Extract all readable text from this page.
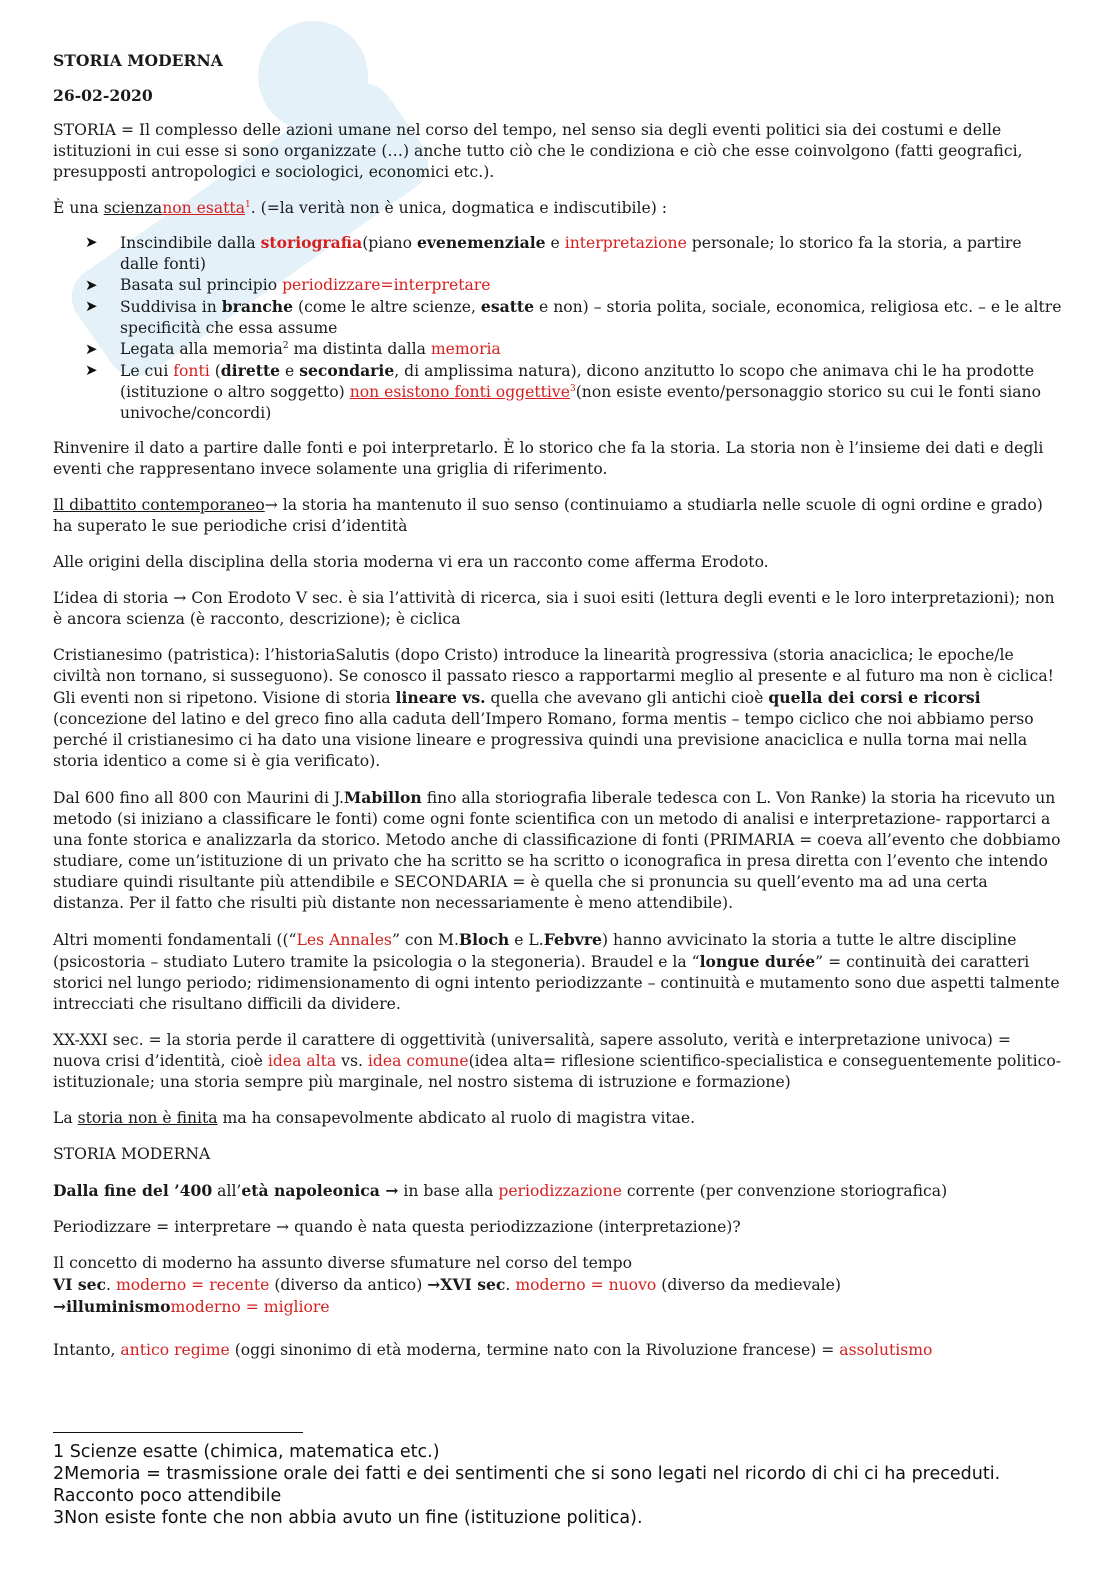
STORIA MODERNA

26-02-2020

STORIA = Il complesso delle azioni umane nel corso del tempo, nel senso sia degli eventi politici sia dei costumi e delle istituzioni in cui esse si sono organizzate (…) anche tutto ciò che le condiziona e ciò che esse coinvolgono (fatti geografici, presupposti antropologici e sociologici, economici etc.).

È una scienzanon esatta$^1$. (=la verità non è unica, dogmatica e indiscutibile) :

➤ Inscindibile dalla storiografia(piano evenemenziale e interpretazione personale; lo storico fa la storia, a partire dalle fonti)
➤ Basata sul principio periodizzare=interpretare
➤ Suddivisa in branche (come le altre scienze, esatte e non) – storia polita, sociale, economica, religiosa etc. – e le altre specificità che essa assume
➤ Legata alla memoria$^2$ ma distinta dalla memoria
➤ Le cui fonti (dirette e secondarie, di amplissima natura), dicono anzitutto lo scopo che animava chi le ha prodotte (istituzione o altro soggetto) non esistono fonti oggettive$^3$(non esiste evento/personaggio storico su cui le fonti siano univoche/concordi)

Rinvenire il dato a partire dalle fonti e poi interpretarlo. È lo storico che fa la storia. La storia non è l’insieme dei dati e degli eventi che rappresentano invece solamente una griglia di riferimento.

Il dibattito contemporaneo→ la storia ha mantenuto il suo senso (continuiamo a studiarla nelle scuole di ogni ordine e grado) ha superato le sue periodiche crisi d’identità

Alle origini della disciplina della storia moderna vi era un racconto come afferma Erodoto.

L’idea di storia → Con Erodoto V sec. è sia l’attività di ricerca, sia i suoi esiti (lettura degli eventi e le loro interpretazioni); non è ancora scienza (è racconto, descrizione); è ciclica

Cristianesimo (patristica): l’historiaSalutis (dopo Cristo) introduce la linearità progressiva (storia anaciclica; le epoche/le civiltà non tornano, si susseguono). Se conosco il passato riesco a rapportarmi meglio al presente e al futuro ma non è ciclica! Gli eventi non si ripetono. Visione di storia lineare vs. quella che avevano gli antichi cioè quella dei corsi e ricorsi (concezione del latino e del greco fino alla caduta dell’Impero Romano, forma mentis – tempo ciclico che noi abbiamo perso perché il cristianesimo ci ha dato una visione lineare e progressiva quindi una previsione anaciclica e nulla torna mai nella storia identico a come si è gia verificato).

Dal 600 fino all 800 con Maurini di J.Mabillon fino alla storiografia liberale tedesca con L. Von Ranke) la storia ha ricevuto un metodo (si iniziano a classificare le fonti) come ogni fonte scientifica con un metodo di analisi e interpretazione- rapportarci a una fonte storica e analizzarla da storico. Metodo anche di classificazione di fonti (PRIMARIA = coeva all’evento che dobbiamo studiare, come un’istituzione di un privato che ha scritto se ha scritto o iconografica in presa diretta con l’evento che intendo studiare quindi risultante più attendibile e SECONDARIA = è quella che si pronuncia su quell’evento ma ad una certa distanza. Per il fatto che risulti più distante non necessariamente è meno attendibile).

Altri momenti fondamentali ((“Les Annales” con M.Bloch e L.Febvre) hanno avvicinato la storia a tutte le altre discipline (psicostoria – studiato Lutero tramite la psicologia o la stegoneria). Braudel e la “longue durée” = continuità dei caratteri storici nel lungo periodo; ridimensionamento di ogni intento periodizzante – continuità e mutamento sono due aspetti talmente intrecciati che risultano difficili da dividere.

XX-XXI sec. = la storia perde il carattere di oggettività (universalità, sapere assoluto, verità e interpretazione univoca) = nuova crisi d’identità, cioè idea alta vs. idea comune(idea alta= riflesione scientifico-specialistica e conseguentemente politico-istituzionale; una storia sempre più marginale, nel nostro sistema di istruzione e formazione)

La storia non è finita ma ha consapevolmente abdicato al ruolo di magistra vitae.

STORIA MODERNA

Dalla fine del ’400 all’età napoleonica → in base alla periodizzazione corrente (per convenzione storiografica)

Periodizzare = interpretare → quando è nata questa periodizzazione (interpretazione)?

Il concetto di moderno ha assunto diverse sfumature nel corso del tempo
VI sec. moderno = recente (diverso da antico) →XVI sec. moderno = nuovo (diverso da medievale)
→illuminismomoderno = migliore

Intanto, antico regime (oggi sinonimo di età moderna, termine nato con la Rivoluzione francese) = assolutismo

1 Scienze esatte (chimica, matematica etc.)
2Memoria = trasmissione orale dei fatti e dei sentimenti che si sono legati nel ricordo di chi ci ha preceduti. Racconto poco attendibile
3Non esiste fonte che non abbia avuto un fine (istituzione politica).
